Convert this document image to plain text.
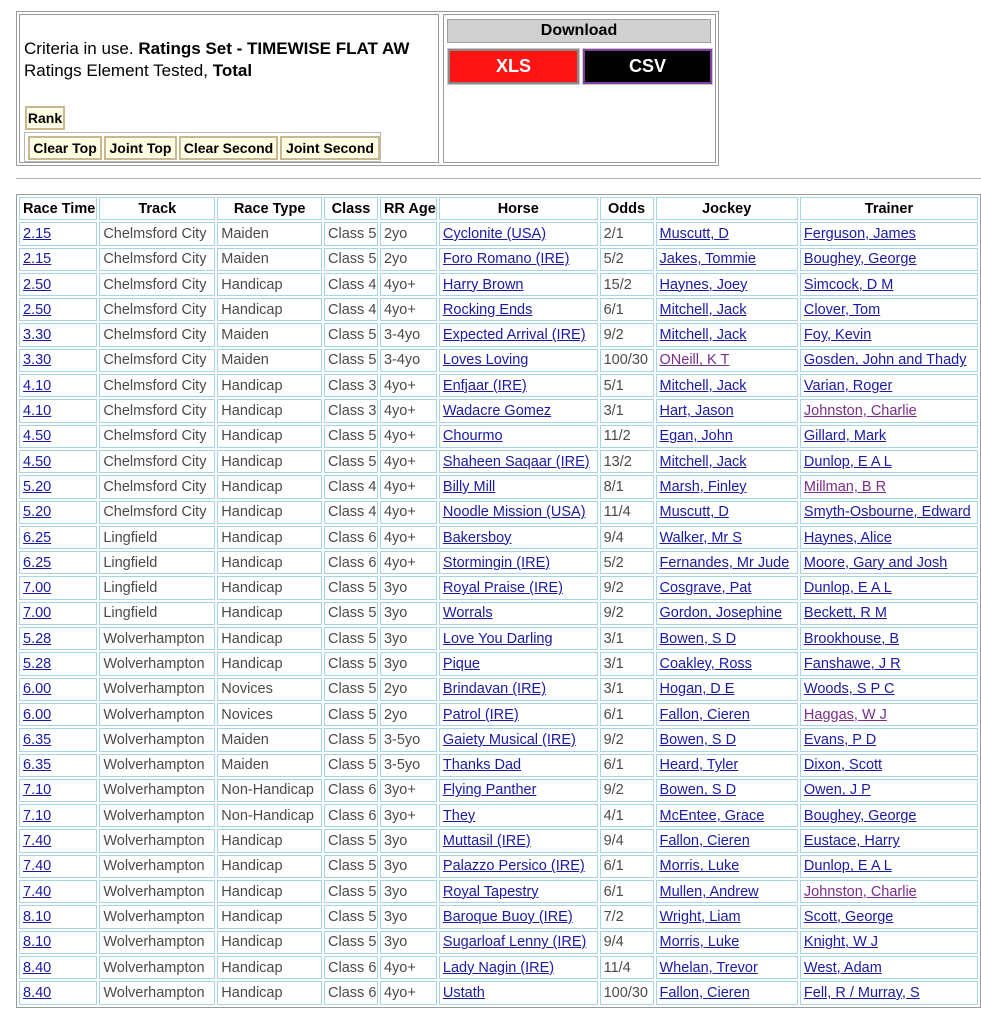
Criteria in use. Ratings Set - TIMEWISE FLAT AW
Ratings Element Tested, Total
Rank
Clear Top Joint Top Clear Second Joint Second
Download
XLS	CSV
Race Time	Track	Race Type	Class	RR Age	Horse	Odds	Jockey	Trainer
2.15	Chelmsford City	Maiden	Class 5	2yo	Cyclonite (USA)	2/1	Muscutt, D	Ferguson, James
2.15	Chelmsford City	Maiden	Class 5	2yo	Foro Romano (IRE)	5/2	Jakes, Tommie	Boughey, George
2.50	Chelmsford City	Handicap	Class 4	4yo+	Harry Brown	15/2	Haynes, Joey	Simcock, D M
2.50	Chelmsford City	Handicap	Class 4	4yo+	Rocking Ends	6/1	Mitchell, Jack	Clover, Tom
3.30	Chelmsford City	Maiden	Class 5	3-4yo	Expected Arrival (IRE)	9/2	Mitchell, Jack	Foy, Kevin
3.30	Chelmsford City	Maiden	Class 5	3-4yo	Loves Loving	100/30	ONeill, K T	Gosden, John and Thady
4.10	Chelmsford City	Handicap	Class 3	4yo+	Enfjaar (IRE)	5/1	Mitchell, Jack	Varian, Roger
4.10	Chelmsford City	Handicap	Class 3	4yo+	Wadacre Gomez	3/1	Hart, Jason	Johnston, Charlie
4.50	Chelmsford City	Handicap	Class 5	4yo+	Chourmo	11/2	Egan, John	Gillard, Mark
4.50	Chelmsford City	Handicap	Class 5	4yo+	Shaheen Saqaar (IRE)	13/2	Mitchell, Jack	Dunlop, E A L
5.20	Chelmsford City	Handicap	Class 4	4yo+	Billy Mill	8/1	Marsh, Finley	Millman, B R
5.20	Chelmsford City	Handicap	Class 4	4yo+	Noodle Mission (USA)	11/4	Muscutt, D	Smyth-Osbourne, Edward
6.25	Lingfield	Handicap	Class 6	4yo+	Bakersboy	9/4	Walker, Mr S	Haynes, Alice
6.25	Lingfield	Handicap	Class 6	4yo+	Stormingin (IRE)	5/2	Fernandes, Mr Jude	Moore, Gary and Josh
7.00	Lingfield	Handicap	Class 5	3yo	Royal Praise (IRE)	9/2	Cosgrave, Pat	Dunlop, E A L
7.00	Lingfield	Handicap	Class 5	3yo	Worrals	9/2	Gordon, Josephine	Beckett, R M
5.28	Wolverhampton	Handicap	Class 5	3yo	Love You Darling	3/1	Bowen, S D	Brookhouse, B
5.28	Wolverhampton	Handicap	Class 5	3yo	Pique	3/1	Coakley, Ross	Fanshawe, J R
6.00	Wolverhampton	Novices	Class 5	2yo	Brindavan (IRE)	3/1	Hogan, D E	Woods, S P C
6.00	Wolverhampton	Novices	Class 5	2yo	Patrol (IRE)	6/1	Fallon, Cieren	Haggas, W J
6.35	Wolverhampton	Maiden	Class 5	3-5yo	Gaiety Musical (IRE)	9/2	Bowen, S D	Evans, P D
6.35	Wolverhampton	Maiden	Class 5	3-5yo	Thanks Dad	6/1	Heard, Tyler	Dixon, Scott
7.10	Wolverhampton	Non-Handicap	Class 6	3yo+	Flying Panther	9/2	Bowen, S D	Owen, J P
7.10	Wolverhampton	Non-Handicap	Class 6	3yo+	They	4/1	McEntee, Grace	Boughey, George
7.40	Wolverhampton	Handicap	Class 5	3yo	Muttasil (IRE)	9/4	Fallon, Cieren	Eustace, Harry
7.40	Wolverhampton	Handicap	Class 5	3yo	Palazzo Persico (IRE)	6/1	Morris, Luke	Dunlop, E A L
7.40	Wolverhampton	Handicap	Class 5	3yo	Royal Tapestry	6/1	Mullen, Andrew	Johnston, Charlie
8.10	Wolverhampton	Handicap	Class 5	3yo	Baroque Buoy (IRE)	7/2	Wright, Liam	Scott, George
8.10	Wolverhampton	Handicap	Class 5	3yo	Sugarloaf Lenny (IRE)	9/4	Morris, Luke	Knight, W J
8.40	Wolverhampton	Handicap	Class 6	4yo+	Lady Nagin (IRE)	11/4	Whelan, Trevor	West, Adam
8.40	Wolverhampton	Handicap	Class 6	4yo+	Ustath	100/30	Fallon, Cieren	Fell, R / Murray, S
